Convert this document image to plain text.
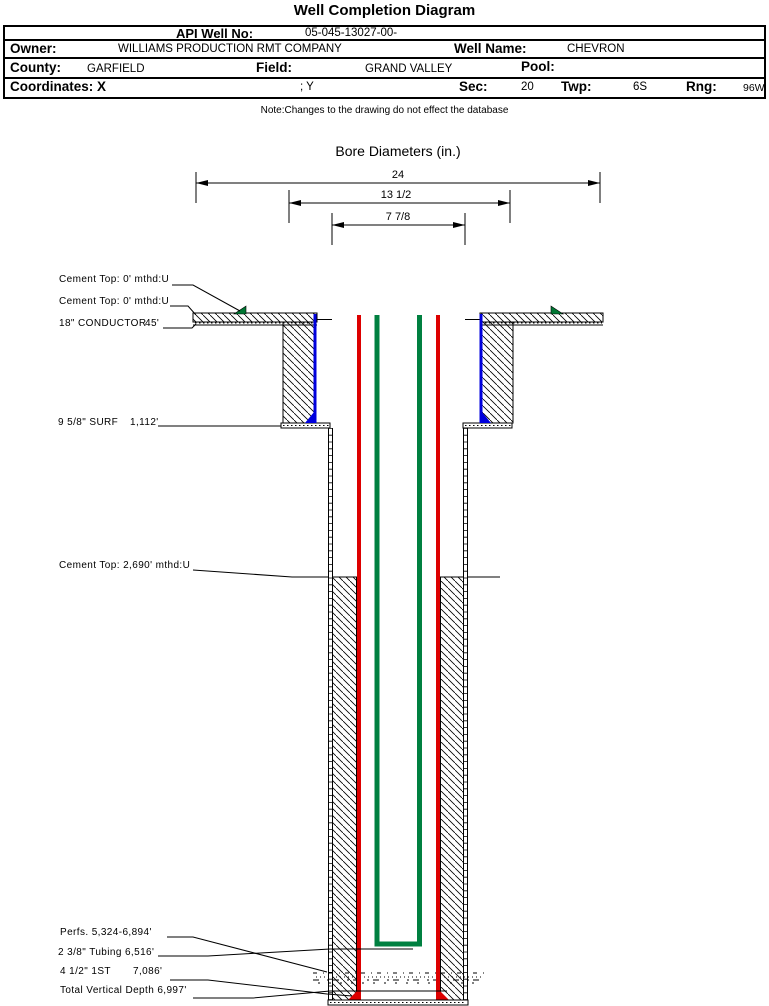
Well Completion Diagram
API Well No:	05-045-13027-00-
Owner:	WILLIAMS PRODUCTION RMT COMPANY	Well Name:	CHEVRON
County: GARFIELD	Field:	GRAND VALLEY	Pool:
Coordinates: X	; Y	Sec:	20 Twp:	6S	Rng:	96W
Note:Changes to the drawing do not effect the database
Bore Diameters (in.)
24
13 1/2
7 7/8
Cement Top: 0' mthd:U
Cement Top: 0' mthd:U
18" CONDUCTOR
45'
9 5/8" SURF 1,112'
Cement Top: 2,690' mthd:U
Perfs. 5,324-6,894'
2 3/8" Tubing 6,516'
4 1/2" 1ST 7,086'
Total Vertical Depth 6,997'
